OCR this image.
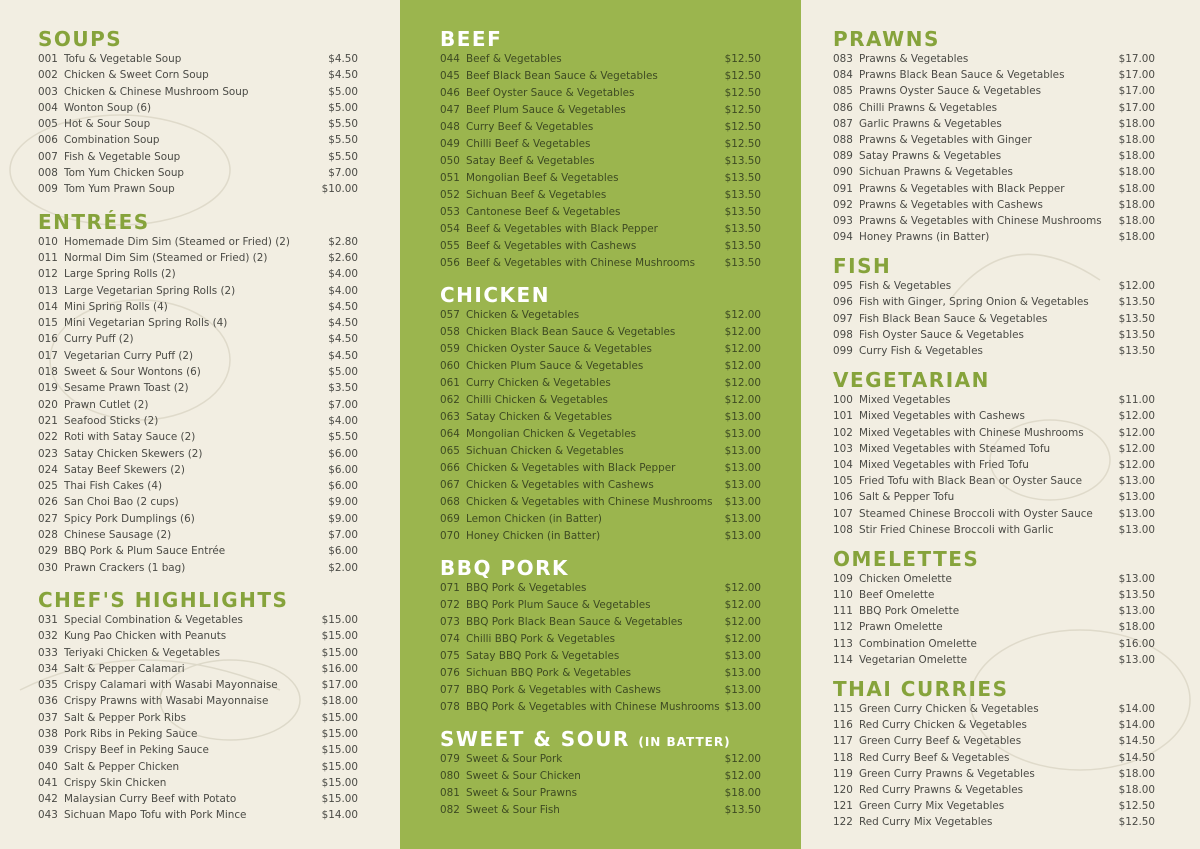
SOUPS
001 Tofu & Vegetable Soup	$4.50
002 Chicken & Sweet Corn Soup	$4.50
003 Chicken & Chinese Mushroom Soup	$5.00
004 Wonton Soup (6)	$5.00
005 Hot & Sour Soup	$5.50
006 Combination Soup	$5.50
007 Fish & Vegetable Soup	$5.50
008 Tom Yum Chicken Soup	$7.00
009 Tom Yum Prawn Soup	$10.00
ENTRÉES
010 Homemade Dim Sim (Steamed or Fried) (2)	$2.80
011 Normal Dim Sim (Steamed or Fried) (2)	$2.60
012 Large Spring Rolls (2)	$4.00
013 Large Vegetarian Spring Rolls (2)	$4.00
014 Mini Spring Rolls (4)	$4.50
015 Mini Vegetarian Spring Rolls (4)	$4.50
016 Curry Puff (2)	$4.50
017 Vegetarian Curry Puff (2)	$4.50
018 Sweet & Sour Wontons (6)	$5.00
019 Sesame Prawn Toast (2)	$3.50
020 Prawn Cutlet (2)	$7.00
021 Seafood Sticks (2)	$4.00
022 Roti with Satay Sauce (2)	$5.50
023 Satay Chicken Skewers (2)	$6.00
024 Satay Beef Skewers (2)	$6.00
025 Thai Fish Cakes (4)	$6.00
026 San Choi Bao (2 cups)	$9.00
027 Spicy Pork Dumplings (6)	$9.00
028 Chinese Sausage (2)	$7.00
029 BBQ Pork & Plum Sauce Entrée	$6.00
030 Prawn Crackers (1 bag)	$2.00
CHEF'S HIGHLIGHTS
031 Special Combination & Vegetables	$15.00
032 Kung Pao Chicken with Peanuts	$15.00
033 Teriyaki Chicken & Vegetables	$15.00
034 Salt & Pepper Calamari	$16.00
035 Crispy Calamari with Wasabi Mayonnaise	$17.00
036 Crispy Prawns with Wasabi Mayonnaise	$18.00
037 Salt & Pepper Pork Ribs	$15.00
038 Pork Ribs in Peking Sauce	$15.00
039 Crispy Beef in Peking Sauce	$15.00
040 Salt & Pepper Chicken	$15.00
041 Crispy Skin Chicken	$15.00
042 Malaysian Curry Beef with Potato	$15.00
043 Sichuan Mapo Tofu with Pork Mince	$14.00
BEEF
044 Beef & Vegetables	$12.50
045 Beef Black Bean Sauce & Vegetables	$12.50
046 Beef Oyster Sauce & Vegetables	$12.50
047 Beef Plum Sauce & Vegetables	$12.50
048 Curry Beef & Vegetables	$12.50
049 Chilli Beef & Vegetables	$12.50
050 Satay Beef & Vegetables	$13.50
051 Mongolian Beef & Vegetables	$13.50
052 Sichuan Beef & Vegetables	$13.50
053 Cantonese Beef & Vegetables	$13.50
054 Beef & Vegetables with Black Pepper	$13.50
055 Beef & Vegetables with Cashews	$13.50
056 Beef & Vegetables with Chinese Mushrooms	$13.50
CHICKEN
057 Chicken & Vegetables	$12.00
058 Chicken Black Bean Sauce & Vegetables	$12.00
059 Chicken Oyster Sauce & Vegetables	$12.00
060 Chicken Plum Sauce & Vegetables	$12.00
061 Curry Chicken & Vegetables	$12.00
062 Chilli Chicken & Vegetables	$12.00
063 Satay Chicken & Vegetables	$13.00
064 Mongolian Chicken & Vegetables	$13.00
065 Sichuan Chicken & Vegetables	$13.00
066 Chicken & Vegetables with Black Pepper	$13.00
067 Chicken & Vegetables with Cashews	$13.00
068 Chicken & Vegetables with Chinese Mushrooms	$13.00
069 Lemon Chicken (in Batter)	$13.00
070 Honey Chicken (in Batter)	$13.00
BBQ PORK
071 BBQ Pork & Vegetables	$12.00
072 BBQ Pork Plum Sauce & Vegetables	$12.00
073 BBQ Pork Black Bean Sauce & Vegetables	$12.00
074 Chilli BBQ Pork & Vegetables	$12.00
075 Satay BBQ Pork & Vegetables	$13.00
076 Sichuan BBQ Pork & Vegetables	$13.00
077 BBQ Pork & Vegetables with Cashews	$13.00
078 BBQ Pork & Vegetables with Chinese Mushrooms $13.00
SWEET & SOUR (IN BATTER)
079 Sweet & Sour Pork	$12.00
080 Sweet & Sour Chicken	$12.00
081 Sweet & Sour Prawns	$18.00
082 Sweet & Sour Fish	$13.50
PRAWNS
083 Prawns & Vegetables	$17.00
084 Prawns Black Bean Sauce & Vegetables	$17.00
085 Prawns Oyster Sauce & Vegetables	$17.00
086 Chilli Prawns & Vegetables	$17.00
087 Garlic Prawns & Vegetables	$18.00
088 Prawns & Vegetables with Ginger	$18.00
089 Satay Prawns & Vegetables	$18.00
090 Sichuan Prawns & Vegetables	$18.00
091 Prawns & Vegetables with Black Pepper	$18.00
092 Prawns & Vegetables with Cashews	$18.00
093 Prawns & Vegetables with Chinese Mushrooms	$18.00
094 Honey Prawns (in Batter)	$18.00
FISH
095 Fish & Vegetables	$12.00
096 Fish with Ginger, Spring Onion & Vegetables	$13.50
097 Fish Black Bean Sauce & Vegetables	$13.50
098 Fish Oyster Sauce & Vegetables	$13.50
099 Curry Fish & Vegetables	$13.50
VEGETARIAN
100 Mixed Vegetables	$11.00
101 Mixed Vegetables with Cashews	$12.00
102 Mixed Vegetables with Chinese Mushrooms	$12.00
103 Mixed Vegetables with Steamed Tofu	$12.00
104 Mixed Vegetables with Fried Tofu	$12.00
105 Fried Tofu with Black Bean or Oyster Sauce	$13.00
106 Salt & Pepper Tofu	$13.00
107 Steamed Chinese Broccoli with Oyster Sauce	$13.00
108 Stir Fried Chinese Broccoli with Garlic	$13.00
OMELETTES
109 Chicken Omelette	$13.00
110 Beef Omelette	$13.50
111 BBQ Pork Omelette	$13.00
112 Prawn Omelette	$18.00
113 Combination Omelette	$16.00
114 Vegetarian Omelette	$13.00
THAI CURRIES
115 Green Curry Chicken & Vegetables	$14.00
116 Red Curry Chicken & Vegetables	$14.00
117 Green Curry Beef & Vegetables	$14.50
118 Red Curry Beef & Vegetables	$14.50
119 Green Curry Prawns & Vegetables	$18.00
120 Red Curry Prawns & Vegetables	$18.00
121 Green Curry Mix Vegetables	$12.50
122 Red Curry Mix Vegetables	$12.50
